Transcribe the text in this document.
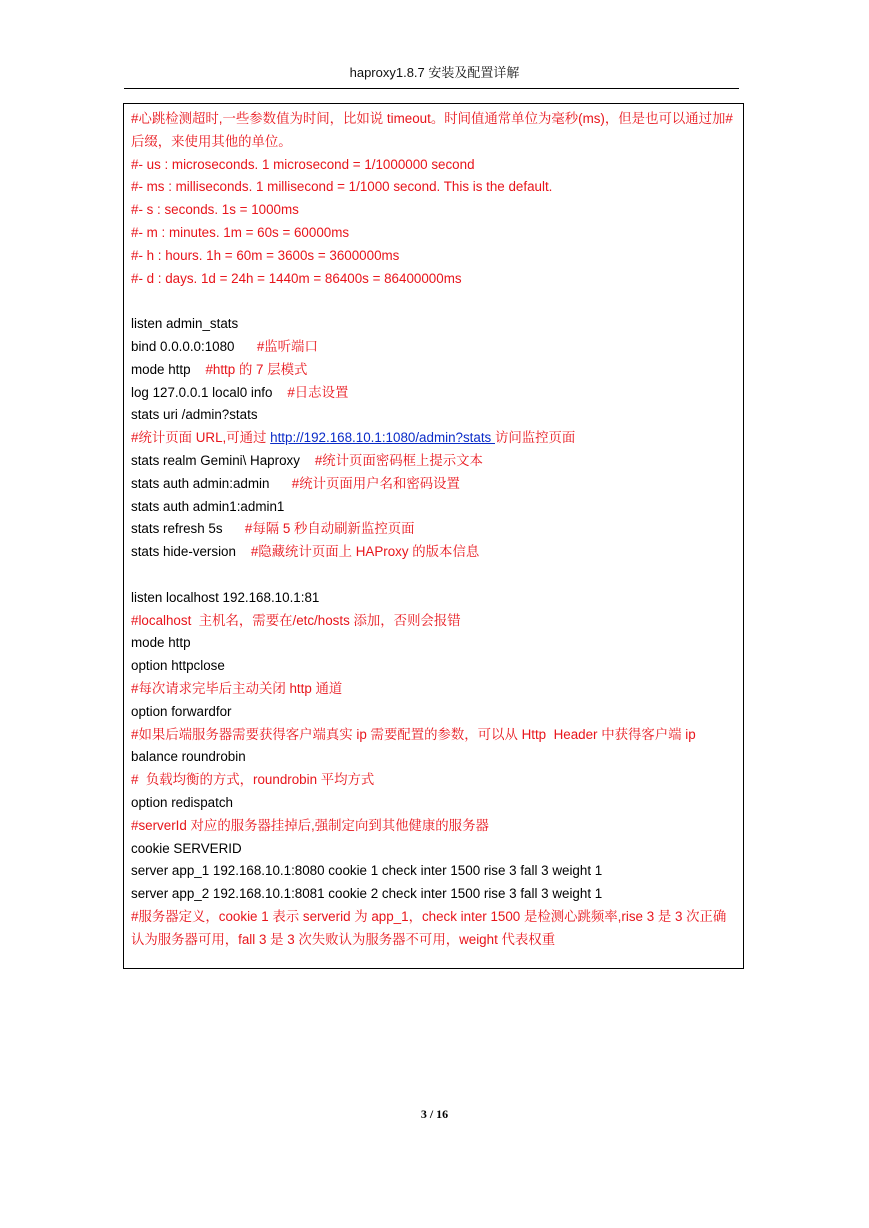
haproxy1.8.7 安装及配置详解
#心跳检测超时,一些参数值为时间，比如说 timeout。时间值通常单位为毫秒(ms)，但是也可以通过加#后缀，来使用其他的单位。
#- us : microseconds. 1 microsecond = 1/1000000 second
#- ms : milliseconds. 1 millisecond = 1/1000 second. This is the default.
#- s : seconds. 1s = 1000ms
#- m : minutes. 1m = 60s = 60000ms
#- h : hours. 1h = 60m = 3600s = 3600000ms
#- d : days. 1d = 24h = 1440m = 86400s = 86400000ms
listen admin_stats
bind 0.0.0.0:1080      #监听端口
mode http    #http 的 7 层模式
log 127.0.0.1 local0 info    #日志设置
stats uri /admin?stats
#统计页面 URL,可通过 http://192.168.10.1:1080/admin?stats 访问监控页面
stats realm Gemini\ Haproxy    #统计页面密码框上提示文本
stats auth admin:admin      #统计页面用户名和密码设置
stats auth admin1:admin1
stats refresh 5s      #每隔 5 秒自动刷新监控页面
stats hide-version    #隐藏统计页面上 HAProxy 的版本信息
listen localhost 192.168.10.1:81
#localhost  主机名，需要在/etc/hosts 添加，否则会报错
mode http
option httpclose
#每次请求完毕后主动关闭 http 通道
option forwardfor
#如果后端服务器需要获得客户端真实 ip 需要配置的参数，可以从 Http  Header 中获得客户端 ip
balance roundrobin
#  负载均衡的方式，roundrobin 平均方式
option redispatch
#serverId 对应的服务器挂掉后,强制定向到其他健康的服务器
cookie SERVERID
server app_1 192.168.10.1:8080 cookie 1 check inter 1500 rise 3 fall 3 weight 1
server app_2 192.168.10.1:8081 cookie 2 check inter 1500 rise 3 fall 3 weight 1
#服务器定义，cookie 1 表示 serverid 为 app_1，check inter 1500 是检测心跳频率,rise 3 是 3 次正确认为服务器可用，fall 3 是 3 次失败认为服务器不可用，weight 代表权重
3 / 16
